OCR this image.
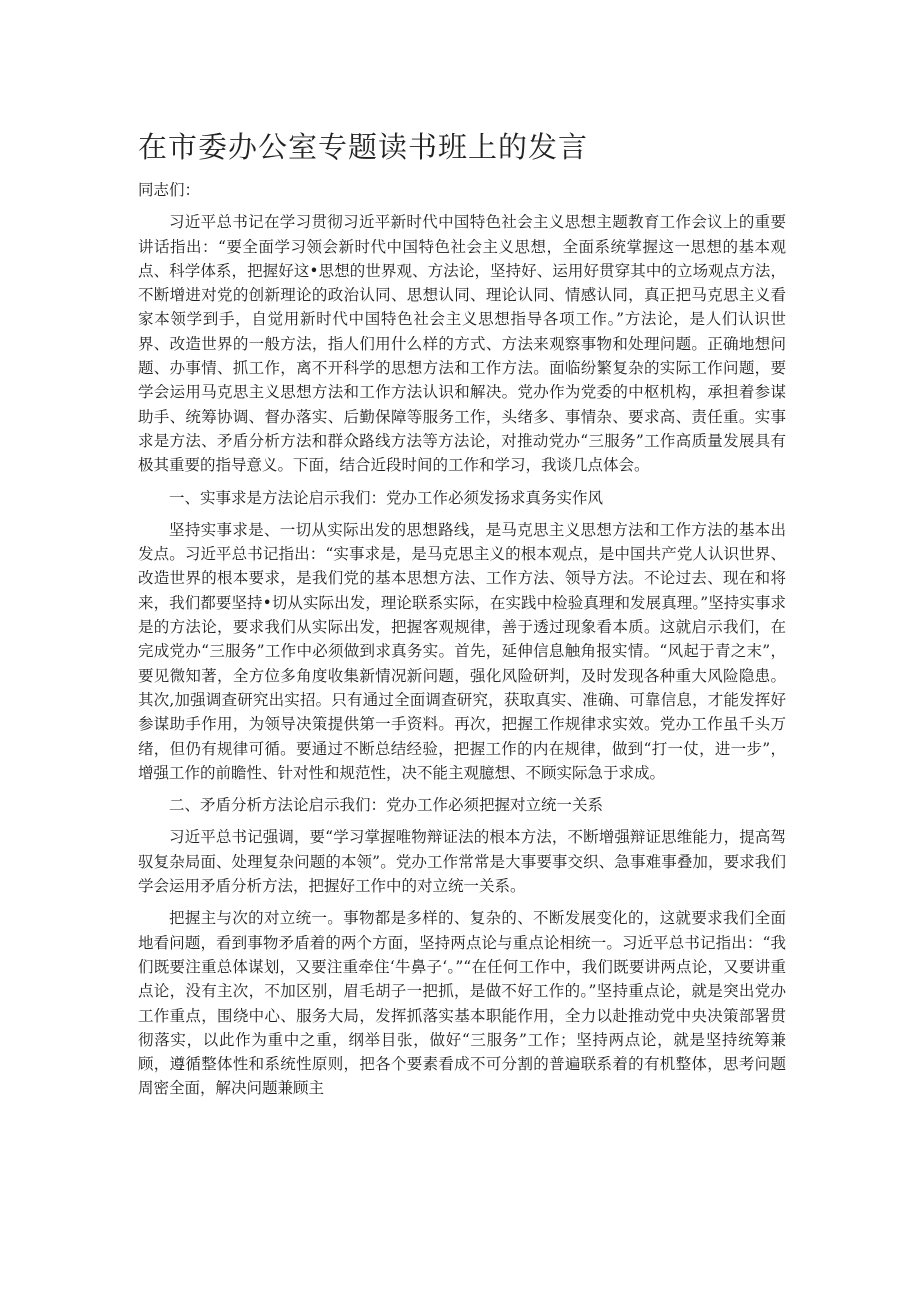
在市委办公室专题读书班上的发言

同志们：

习近平总书记在学习贯彻习近平新时代中国特色社会主义思想主题教育工作会议上的重要讲话指出：“要全面学习领会新时代中国特色社会主义思想，全面系统掌握这一思想的基本观点、科学体系，把握好这•思想的世界观、方法论，坚持好、运用好贯穿其中的立场观点方法，不断增进对党的创新理论的政治认同、思想认同、理论认同、情感认同，真正把马克思主义看家本领学到手，自觉用新时代中国特色社会主义思想指导各项工作。”方法论，是人们认识世界、改造世界的一般方法，指人们用什么样的方式、方法来观察事物和处理问题。正确地想问题、办事情、抓工作，离不开科学的思想方法和工作方法。面临纷繁复杂的实际工作问题，要学会运用马克思主义思想方法和工作方法认识和解决。党办作为党委的中枢机构，承担着参谋助手、统筹协调、督办落实、后勤保障等服务工作，头绪多、事情杂、要求高、责任重。实事求是方法、矛盾分析方法和群众路线方法等方法论，对推动党办“三服务”工作高质量发展具有极其重要的指导意义。下面，结合近段时间的工作和学习，我谈几点体会。

一、实事求是方法论启示我们：党办工作必须发扬求真务实作风

坚持实事求是、一切从实际出发的思想路线，是马克思主义思想方法和工作方法的基本出发点。习近平总书记指出：“实事求是，是马克思主义的根本观点，是中国共产党人认识世界、改造世界的根本要求，是我们党的基本思想方法、工作方法、领导方法。不论过去、现在和将来，我们都要坚持•切从实际出发，理论联系实际，在实践中检验真理和发展真理。”坚持实事求是的方法论，要求我们从实际出发，把握客观规律，善于透过现象看本质。这就启示我们，在完成党办“三服务”工作中必须做到求真务实。首先，延伸信息触角报实情。“风起于青之末”，要见微知著，全方位多角度收集新情况新问题，强化风险研判，及时发现各种重大风险隐患。其次,加强调查研究出实招。只有通过全面调查研究，获取真实、准确、可靠信息，才能发挥好参谋助手作用，为领导决策提供第一手资料。再次，把握工作规律求实效。党办工作虽千头万绪，但仍有规律可循。要通过不断总结经验，把握工作的内在规律，做到“打一仗，进一步”，增强工作的前瞻性、针对性和规范性，决不能主观臆想、不顾实际急于求成。

二、矛盾分析方法论启示我们：党办工作必须把握对立统一关系

习近平总书记强调，要“学习掌握唯物辩证法的根本方法，不断增强辩证思维能力，提高驾驭复杂局面、处理复杂问题的本领”。党办工作常常是大事要事交织、急事难事叠加，要求我们学会运用矛盾分析方法，把握好工作中的对立统一关系。

把握主与次的对立统一。事物都是多样的、复杂的、不断发展变化的，这就要求我们全面地看问题，看到事物矛盾着的两个方面，坚持两点论与重点论相统一。习近平总书记指出：“我们既要注重总体谋划，又要注重牵住‘牛鼻子‘。”“在任何工作中，我们既要讲两点论，又要讲重点论，没有主次，不加区别，眉毛胡子一把抓，是做不好工作的。”坚持重点论，就是突出党办工作重点，围绕中心、服务大局，发挥抓落实基本职能作用，全力以赴推动党中央决策部署贯彻落实，以此作为重中之重，纲举目张，做好“三服务”工作；坚持两点论，就是坚持统筹兼顾，遵循整体性和系统性原则，把各个要素看成不可分割的普遍联系着的有机整体，思考问题周密全面，解决问题兼顾主
